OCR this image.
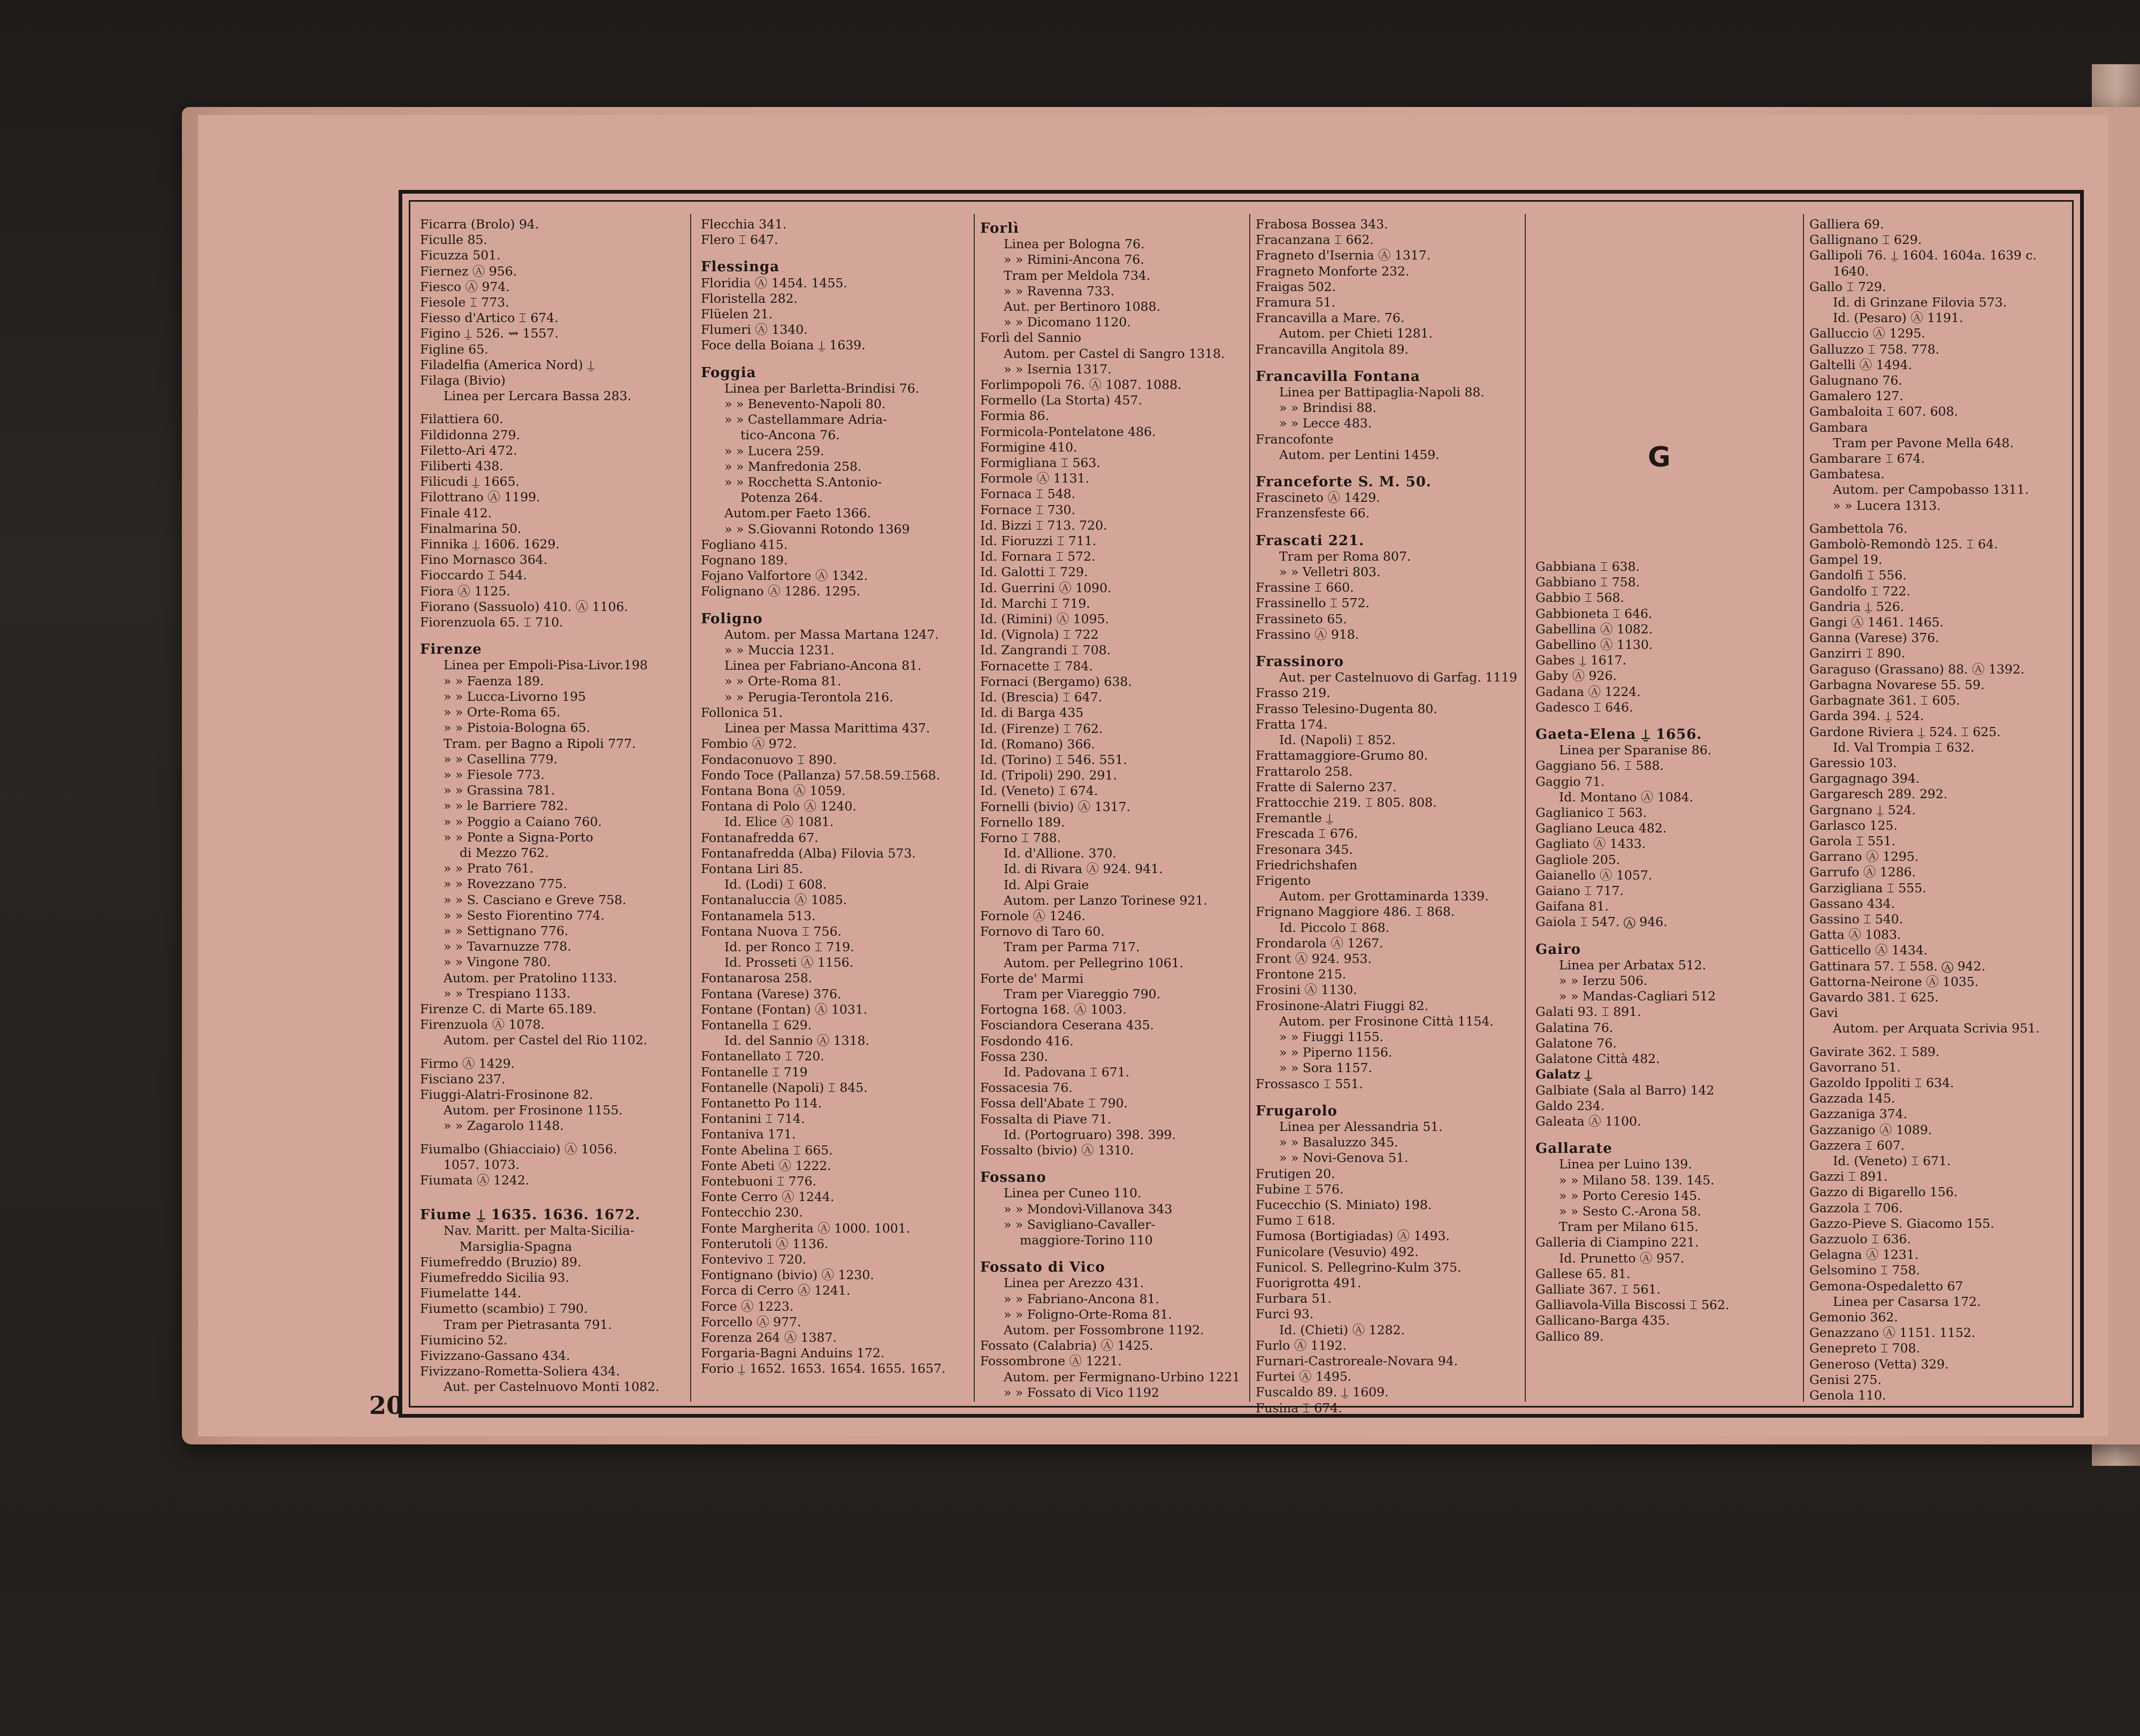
20
G
Ficarra (Brolo) 94.
Ficulle 85.
Ficuzza 501.
Fiernez Ⓐ 956.
Fiesco Ⓐ 974.
Fiesole ⌶ 773.
Fiesso d'Artico ⌶ 674.
Figino ⍊ 526. ⇝ 1557.
Figline 65.
Filadelfia (America Nord) ⍊
Filaga (Bivio)
Linea per Lercara Bassa 283.
Filattiera 60.
Fildidonna 279.
Filetto-Ari 472.
Filiberti 438.
Filicudi ⍊ 1665.
Filottrano Ⓐ 1199.
Finale 412.
Finalmarina 50.
Finnika ⍊ 1606. 1629.
Fino Mornasco 364.
Fioccardo ⌶ 544.
Fiora Ⓐ 1125.
Fiorano (Sassuolo) 410. Ⓐ 1106.
Fiorenzuola 65. ⌶ 710.
Firenze
Linea per Empoli-Pisa-Livor.198
» » Faenza 189.
» » Lucca-Livorno 195
» » Orte-Roma 65.
» » Pistoia-Bologna 65.
Tram. per Bagno a Ripoli 777.
» » Casellina 779.
» » Fiesole 773.
» » Grassina 781.
» » le Barriere 782.
» » Poggio a Caiano 760.
» » Ponte a Signa-Porto
di Mezzo 762.
» » Prato 761.
» » Rovezzano 775.
» » S. Casciano e Greve 758.
» » Sesto Fiorentino 774.
» » Settignano 776.
» » Tavarnuzze 778.
» » Vingone 780.
Autom. per Pratolino 1133.
» » Trespiano 1133.
Firenze C. di Marte 65.189.
Firenzuola Ⓐ 1078.
Autom. per Castel del Rio 1102.
Firmo Ⓐ 1429.
Fisciano 237.
Fiuggi-Alatri-Frosinone 82.
Autom. per Frosinone 1155.
» » Zagarolo 1148.
Fiumalbo (Ghiacciaio) Ⓐ 1056.
1057. 1073.
Fiumata Ⓐ 1242.
Fiume ⍊ 1635. 1636. 1672.
Nav. Maritt. per Malta-Sicilia-
Marsiglia-Spagna
Fiumefreddo (Bruzio) 89.
Fiumefreddo Sicilia 93.
Fiumelatte 144.
Fiumetto (scambio) ⌶ 790.
Tram per Pietrasanta 791.
Fiumicino 52.
Fivizzano-Gassano 434.
Fivizzano-Rometta-Soliera 434.
Aut. per Castelnuovo Monti 1082.
Flecchia 341.
Flero ⌶ 647.
Flessinga
Floridia Ⓐ 1454. 1455.
Floristella 282.
Flüelen 21.
Flumeri Ⓐ 1340.
Foce della Boiana ⍊ 1639.
Foggia
Linea per Barletta-Brindisi 76.
» » Benevento-Napoli 80.
» » Castellammare Adria-
tico-Ancona 76.
» » Lucera 259.
» » Manfredonia 258.
» » Rocchetta S.Antonio-
Potenza 264.
Autom.per Faeto 1366.
» » S.Giovanni Rotondo 1369
Fogliano 415.
Fognano 189.
Fojano Valfortore Ⓐ 1342.
Folignano Ⓐ 1286. 1295.
Foligno
Autom. per Massa Martana 1247.
» » Muccia 1231.
Linea per Fabriano-Ancona 81.
» » Orte-Roma 81.
» » Perugia-Terontola 216.
Follonica 51.
Linea per Massa Marittima 437.
Fombio Ⓐ 972.
Fondaconuovo ⌶ 890.
Fondo Toce (Pallanza) 57.58.59.⌶568.
Fontana Bona Ⓐ 1059.
Fontana di Polo Ⓐ 1240.
Id. Elice Ⓐ 1081.
Fontanafredda 67.
Fontanafredda (Alba) Filovia 573.
Fontana Liri 85.
Id. (Lodi) ⌶ 608.
Fontanaluccia Ⓐ 1085.
Fontanamela 513.
Fontana Nuova ⌶ 756.
Id. per Ronco ⌶ 719.
Id. Prosseti Ⓐ 1156.
Fontanarosa 258.
Fontana (Varese) 376.
Fontane (Fontan) Ⓐ 1031.
Fontanella ⌶ 629.
Id. del Sannio Ⓐ 1318.
Fontanellato ⌶ 720.
Fontanelle ⌶ 719
Fontanelle (Napoli) ⌶ 845.
Fontanetto Po 114.
Fontanini ⌶ 714.
Fontaniva 171.
Fonte Abelina ⌶ 665.
Fonte Abeti Ⓐ 1222.
Fontebuoni ⌶ 776.
Fonte Cerro Ⓐ 1244.
Fontecchio 230.
Fonte Margherita Ⓐ 1000. 1001.
Fonterutoli Ⓐ 1136.
Fontevivo ⌶ 720.
Fontignano (bivio) Ⓐ 1230.
Forca di Cerro Ⓐ 1241.
Force Ⓐ 1223.
Forcello Ⓐ 977.
Forenza 264 Ⓐ 1387.
Forgaria-Bagni Anduins 172.
Forio ⍊ 1652. 1653. 1654. 1655. 1657.
Forlì
Linea per Bologna 76.
» » Rimini-Ancona 76.
Tram per Meldola 734.
» » Ravenna 733.
Aut. per Bertinoro 1088.
» » Dicomano 1120.
Forlì del Sannio
Autom. per Castel di Sangro 1318.
» » Isernia 1317.
Forlimpopoli 76. Ⓐ 1087. 1088.
Formello (La Storta) 457.
Formia 86.
Formicola-Pontelatone 486.
Formigine 410.
Formigliana ⌶ 563.
Formole Ⓐ 1131.
Fornaca ⌶ 548.
Fornace ⌶ 730.
Id. Bizzi ⌶ 713. 720.
Id. Fioruzzi ⌶ 711.
Id. Fornara ⌶ 572.
Id. Galotti ⌶ 729.
Id. Guerrini Ⓐ 1090.
Id. Marchi ⌶ 719.
Id. (Rimini) Ⓐ 1095.
Id. (Vignola) ⌶ 722
Id. Zangrandi ⌶ 708.
Fornacette ⌶ 784.
Fornaci (Bergamo) 638.
Id. (Brescia) ⌶ 647.
Id. di Barga 435
Id. (Firenze) ⌶ 762.
Id. (Romano) 366.
Id. (Torino) ⌶ 546. 551.
Id. (Tripoli) 290. 291.
Id. (Veneto) ⌶ 674.
Fornelli (bivio) Ⓐ 1317.
Fornello 189.
Forno ⌶ 788.
Id. d'Allione. 370.
Id. di Rivara Ⓐ 924. 941.
Id. Alpi Graie
Autom. per Lanzo Torinese 921.
Fornole Ⓐ 1246.
Fornovo di Taro 60.
Tram per Parma 717.
Autom. per Pellegrino 1061.
Forte de' Marmi
Tram per Viareggio 790.
Fortogna 168. Ⓐ 1003.
Fosciandora Ceserana 435.
Fosdondo 416.
Fossa 230.
Id. Padovana ⌶ 671.
Fossacesia 76.
Fossa dell'Abate ⌶ 790.
Fossalta di Piave 71.
Id. (Portogruaro) 398. 399.
Fossalto (bivio) Ⓐ 1310.
Fossano
Linea per Cuneo 110.
» » Mondovì-Villanova 343
» » Savigliano-Cavaller-
maggiore-Torino 110
Fossato di Vico
Linea per Arezzo 431.
» » Fabriano-Ancona 81.
» » Foligno-Orte-Roma 81.
Autom. per Fossombrone 1192.
Fossato (Calabria) Ⓐ 1425.
Fossombrone Ⓐ 1221.
Autom. per Fermignano-Urbino 1221
» » Fossato di Vico 1192
Frabosa Bossea 343.
Fracanzana ⌶ 662.
Fragneto d'Isernia Ⓐ 1317.
Fragneto Monforte 232.
Fraigas 502.
Framura 51.
Francavilla a Mare. 76.
Autom. per Chieti 1281.
Francavilla Angitola 89.
Francavilla Fontana
Linea per Battipaglia-Napoli 88.
» » Brindisi 88.
» » Lecce 483.
Francofonte
Autom. per Lentini 1459.
Franceforte S. M. 50.
Frascineto Ⓐ 1429.
Franzensfeste 66.
Frascati 221.
Tram per Roma 807.
» » Velletri 803.
Frassine ⌶ 660.
Frassinello ⌶ 572.
Frassineto 65.
Frassino Ⓐ 918.
Frassinoro
Aut. per Castelnuovo di Garfag. 1119
Frasso 219.
Frasso Telesino-Dugenta 80.
Fratta 174.
Id. (Napoli) ⌶ 852.
Frattamaggiore-Grumo 80.
Frattarolo 258.
Fratte di Salerno 237.
Frattocchie 219. ⌶ 805. 808.
Fremantle ⍊
Frescada ⌶ 676.
Fresonara 345.
Friedrichshafen
Frigento
Autom. per Grottaminarda 1339.
Frignano Maggiore 486. ⌶ 868.
Id. Piccolo ⌶ 868.
Frondarola Ⓐ 1267.
Front Ⓐ 924. 953.
Frontone 215.
Frosini Ⓐ 1130.
Frosinone-Alatri Fiuggi 82.
Autom. per Frosinone Città 1154.
» » Fiuggi 1155.
» » Piperno 1156.
» » Sora 1157.
Frossasco ⌶ 551.
Frugarolo
Linea per Alessandria 51.
» » Basaluzzo 345.
» » Novi-Genova 51.
Frutigen 20.
Fubine ⌶ 576.
Fucecchio (S. Miniato) 198.
Fumo ⌶ 618.
Fumosa (Bortigiadas) Ⓐ 1493.
Funicolare (Vesuvio) 492.
Funicol. S. Pellegrino-Kulm 375.
Fuorigrotta 491.
Furbara 51.
Furci 93.
Id. (Chieti) Ⓐ 1282.
Furlo Ⓐ 1192.
Furnari-Castroreale-Novara 94.
Furtei Ⓐ 1495.
Fuscaldo 89. ⍊ 1609.
Fusina ⌶ 674.
Gabbiana ⌶ 638.
Gabbiano ⌶ 758.
Gabbio ⌶ 568.
Gabbioneta ⌶ 646.
Gabellina Ⓐ 1082.
Gabellino Ⓐ 1130.
Gabes ⍊ 1617.
Gaby Ⓐ 926.
Gadana Ⓐ 1224.
Gadesco ⌶ 646.
Gaeta-Elena ⍊ 1656.
Linea per Sparanise 86.
Gaggiano 56. ⌶ 588.
Gaggio 71.
Id. Montano Ⓐ 1084.
Gaglianico ⌶ 563.
Gagliano Leuca 482.
Gagliato Ⓐ 1433.
Gagliole 205.
Gaianello Ⓐ 1057.
Gaiano ⌶ 717.
Gaifana 81.
Gaiola ⌶ 547. Ⓐ 946.
Gairo
Linea per Arbatax 512.
» » Ierzu 506.
» » Mandas-Cagliari 512
Galati 93. ⌶ 891.
Galatina 76.
Galatone 76.
Galatone Città 482.
Galatz ⍊
Galbiate (Sala al Barro) 142
Galdo 234.
Galeata Ⓐ 1100.
Gallarate
Linea per Luino 139.
» » Milano 58. 139. 145.
» » Porto Ceresio 145.
» » Sesto C.-Arona 58.
Tram per Milano 615.
Galleria di Ciampino 221.
Id. Prunetto Ⓐ 957.
Gallese 65. 81.
Galliate 367. ⌶ 561.
Galliavola-Villa Biscossi ⌶ 562.
Gallicano-Barga 435.
Gallico 89.
Galliera 69.
Gallignano ⌶ 629.
Gallipoli 76. ⍊ 1604. 1604a. 1639 c.
1640.
Gallo ⌶ 729.
Id. di Grinzane Filovia 573.
Id. (Pesaro) Ⓐ 1191.
Galluccio Ⓐ 1295.
Galluzzo ⌶ 758. 778.
Galtelli Ⓐ 1494.
Galugnano 76.
Gamalero 127.
Gambaloita ⌶ 607. 608.
Gambara
Tram per Pavone Mella 648.
Gambarare ⌶ 674.
Gambatesa.
Autom. per Campobasso 1311.
» » Lucera 1313.
Gambettola 76.
Gambolò-Remondò 125. ⌶ 64.
Gampel 19.
Gandolfi ⌶ 556.
Gandolfo ⌶ 722.
Gandria ⍊ 526.
Gangi Ⓐ 1461. 1465.
Ganna (Varese) 376.
Ganzirri ⌶ 890.
Garaguso (Grassano) 88. Ⓐ 1392.
Garbagna Novarese 55. 59.
Garbagnate 361. ⌶ 605.
Garda 394. ⍊ 524.
Gardone Riviera ⍊ 524. ⌶ 625.
Id. Val Trompia ⌶ 632.
Garessio 103.
Gargagnago 394.
Gargaresch 289. 292.
Gargnano ⍊ 524.
Garlasco 125.
Garola ⌶ 551.
Garrano Ⓐ 1295.
Garrufo Ⓐ 1286.
Garzigliana ⌶ 555.
Gassano 434.
Gassino ⌶ 540.
Gatta Ⓐ 1083.
Gatticello Ⓐ 1434.
Gattinara 57. ⌶ 558. Ⓐ 942.
Gattorna-Neirone Ⓐ 1035.
Gavardo 381. ⌶ 625.
Gavi
Autom. per Arquata Scrivia 951.
Gavirate 362. ⌶ 589.
Gavorrano 51.
Gazoldo Ippoliti ⌶ 634.
Gazzada 145.
Gazzaniga 374.
Gazzanigo Ⓐ 1089.
Gazzera ⌶ 607.
Id. (Veneto) ⌶ 671.
Gazzi ⌶ 891.
Gazzo di Bigarello 156.
Gazzola ⌶ 706.
Gazzo-Pieve S. Giacomo 155.
Gazzuolo ⌶ 636.
Gelagna Ⓐ 1231.
Gelsomino ⌶ 758.
Gemona-Ospedaletto 67
Linea per Casarsa 172.
Gemonio 362.
Genazzano Ⓐ 1151. 1152.
Genepreto ⌶ 708.
Generoso (Vetta) 329.
Genisi 275.
Genola 110.
